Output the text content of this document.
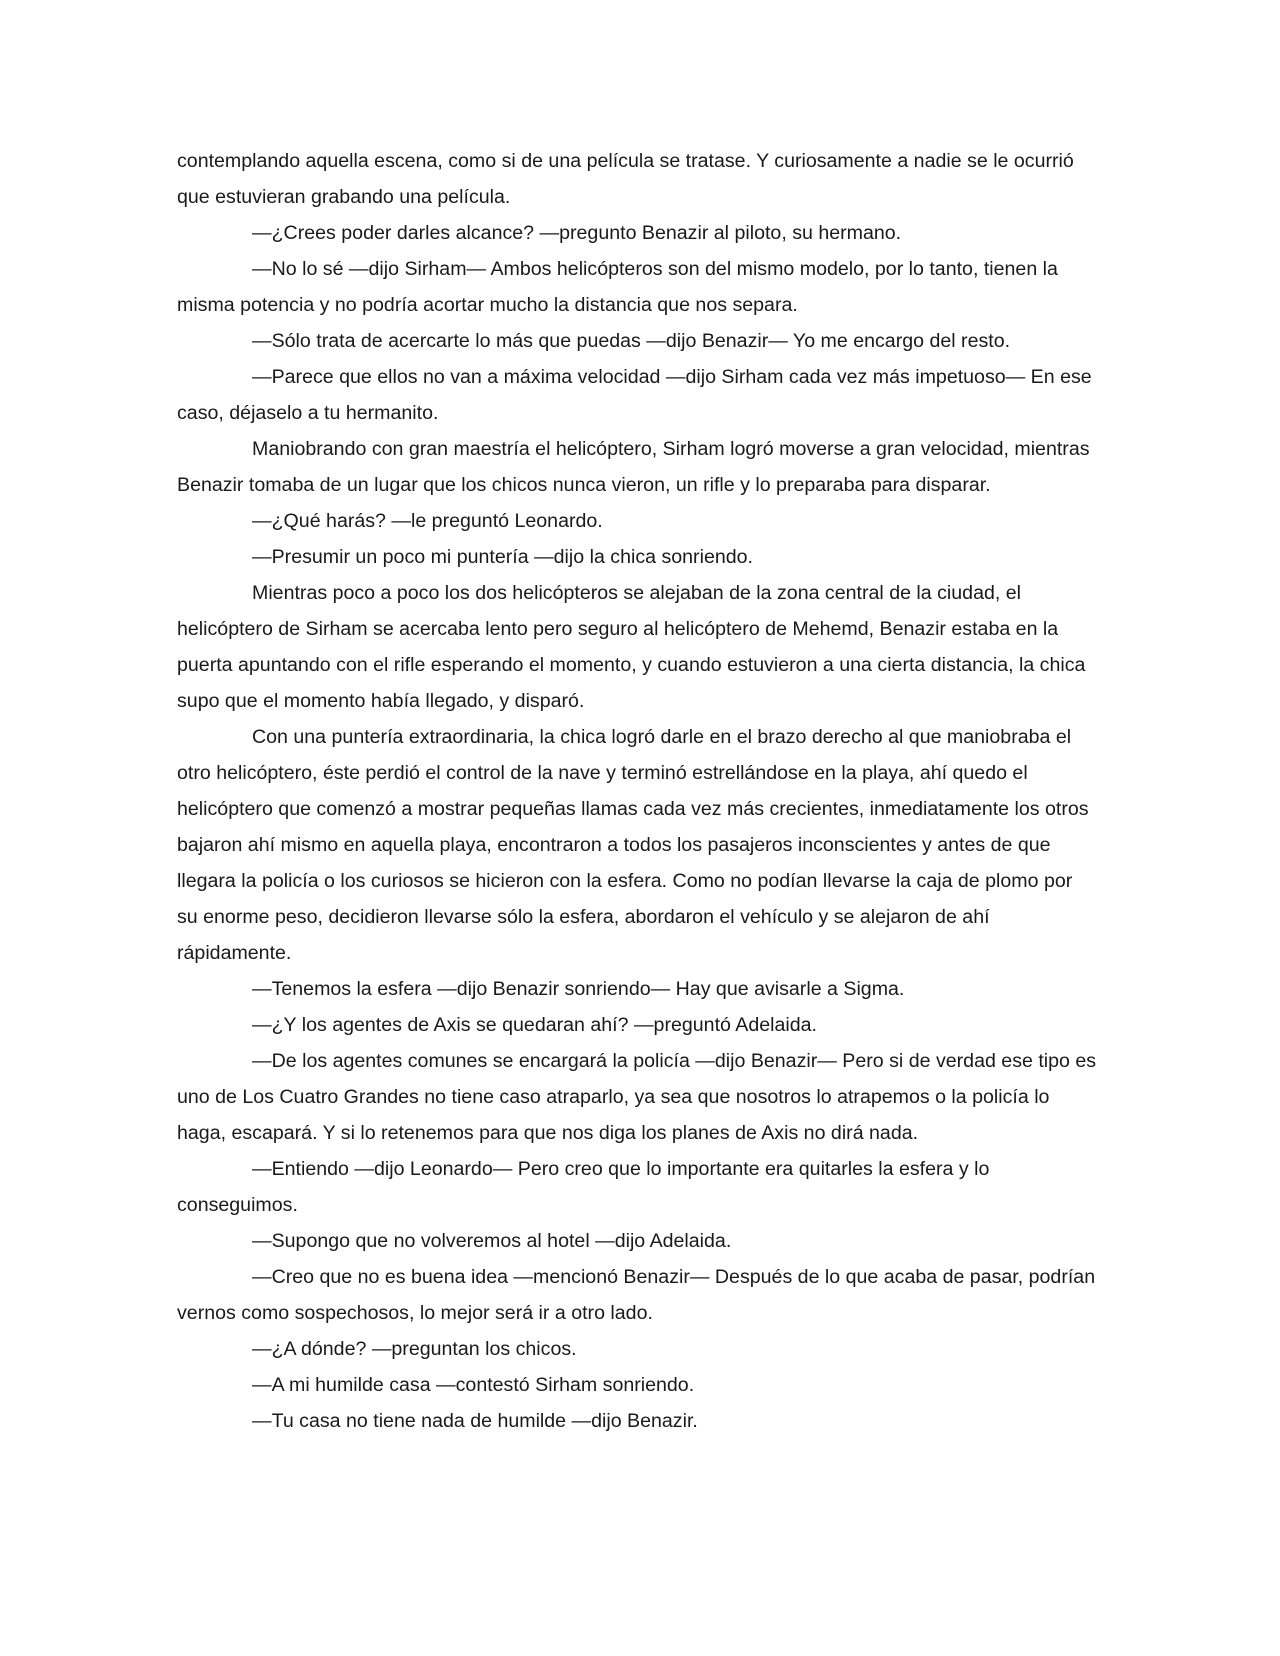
contemplando aquella escena, como si de una película se tratase. Y curiosamente a nadie se le ocurrió que estuvieran grabando una película.

—¿Crees poder darles alcance? —pregunto Benazir al piloto, su hermano.

—No lo sé —dijo Sirham— Ambos helicópteros son del mismo modelo, por lo tanto, tienen la misma potencia y no podría acortar mucho la distancia que nos separa.

—Sólo trata de acercarte lo más que puedas —dijo Benazir— Yo me encargo del resto.

—Parece que ellos no van a máxima velocidad —dijo Sirham cada vez más impetuoso— En ese caso, déjaselo a tu hermanito.

Maniobrando con gran maestría el helicóptero, Sirham logró moverse a gran velocidad, mientras Benazir tomaba de un lugar que los chicos nunca vieron, un rifle y lo preparaba para disparar.

—¿Qué harás? —le preguntó Leonardo.

—Presumir un poco mi puntería —dijo la chica sonriendo.

Mientras poco a poco los dos helicópteros se alejaban de la zona central de la ciudad, el helicóptero de Sirham se acercaba lento pero seguro al helicóptero de Mehemd, Benazir estaba en la puerta apuntando con el rifle esperando el momento, y cuando estuvieron a una cierta distancia, la chica supo que el momento había llegado, y disparó.

Con una puntería extraordinaria, la chica logró darle en el brazo derecho al que maniobraba el otro helicóptero, éste perdió el control de la nave y terminó estrellándose en la playa, ahí quedo el helicóptero que comenzó a mostrar pequeñas llamas cada vez más crecientes, inmediatamente los otros bajaron ahí mismo en aquella playa, encontraron a todos los pasajeros inconscientes y antes de que llegara la policía o los curiosos se hicieron con la esfera. Como no podían llevarse la caja de plomo por su enorme peso, decidieron llevarse sólo la esfera, abordaron el vehículo y se alejaron de ahí rápidamente.

—Tenemos la esfera —dijo Benazir sonriendo— Hay que avisarle a Sigma.

—¿Y los agentes de Axis se quedaran ahí? —preguntó Adelaida.

—De los agentes comunes se encargará la policía —dijo Benazir— Pero si de verdad ese tipo es uno de Los Cuatro Grandes no tiene caso atraparlo, ya sea que nosotros lo atrapemos o la policía lo haga, escapará. Y si lo retenemos para que nos diga los planes de Axis no dirá nada.

—Entiendo —dijo Leonardo— Pero creo que lo importante era quitarles la esfera y lo conseguimos.

—Supongo que no volveremos al hotel —dijo Adelaida.

—Creo que no es buena idea —mencionó Benazir— Después de lo que acaba de pasar, podrían vernos como sospechosos, lo mejor será ir a otro lado.

—¿A dónde? —preguntan los chicos.

—A mi humilde casa —contestó Sirham sonriendo.

—Tu casa no tiene nada de humilde —dijo Benazir.
